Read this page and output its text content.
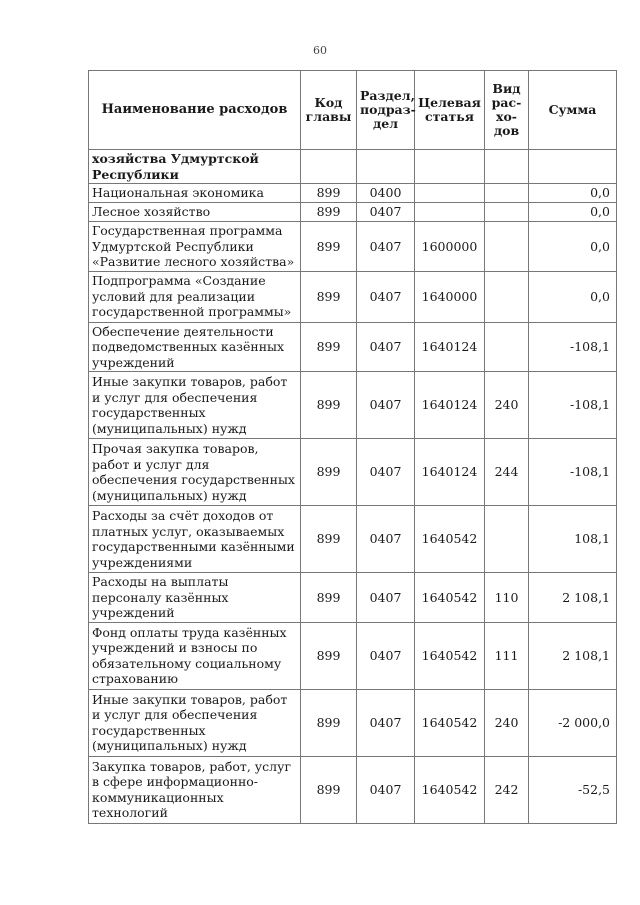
60
Наименование расходов	Код главы	Раздел, подраз-дел	Целевая статья	Вид рас-хо-дов	Сумма
хозяйства Удмуртской Республики					
Национальная экономика	899	0400			0,0
Лесное хозяйство	899	0407			0,0
Государственная программа Удмуртской Республики «Развитие лесного хозяйства»	899	0407	1600000		0,0
Подпрограмма «Создание условий для реализации государственной программы»	899	0407	1640000		0,0
Обеспечение деятельности подведомственных казённых учреждений	899	0407	1640124		-108,1
Иные закупки товаров, работ и услуг для обеспечения государственных (муниципальных) нужд	899	0407	1640124	240	-108,1
Прочая закупка товаров, работ и услуг для обеспечения государственных (муниципальных) нужд	899	0407	1640124	244	-108,1
Расходы за счёт доходов от платных услуг, оказываемых государственными казёнными учреждениями	899	0407	1640542		108,1
Расходы на выплаты персоналу казённых учреждений	899	0407	1640542	110	2 108,1
Фонд оплаты труда казённых учреждений и взносы по обязательному социальному страхованию	899	0407	1640542	111	2 108,1
Иные закупки товаров, работ и услуг для обеспечения государственных (муниципальных) нужд	899	0407	1640542	240	-2 000,0
Закупка товаров, работ, услуг в сфере информационно-коммуникационных технологий	899	0407	1640542	242	-52,5
